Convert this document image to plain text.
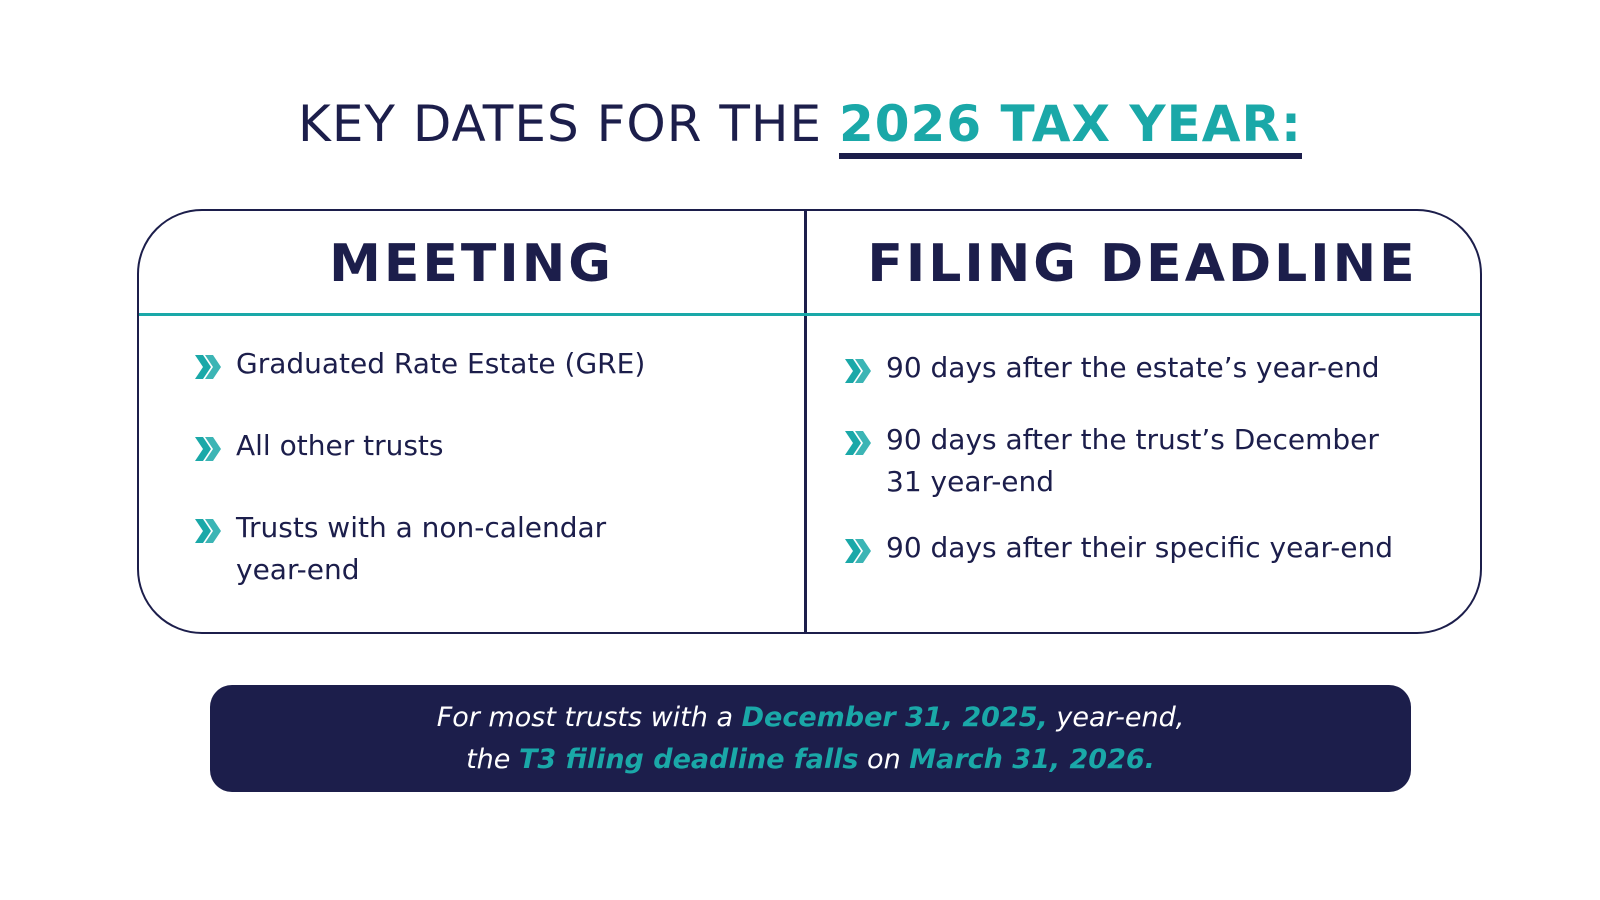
KEY DATES FOR THE 2026 TAX YEAR:
MEETING	FILING DEADLINE
Graduated Rate Estate (GRE)
All other trusts
Trusts with a non-calendar year-end
90 days after the estate’s year-end
90 days after the trust’s December 31 year-end
90 days after their specific year-end
For most trusts with a December 31, 2025, year-end,
the T3 filing deadline falls on March 31, 2026.
